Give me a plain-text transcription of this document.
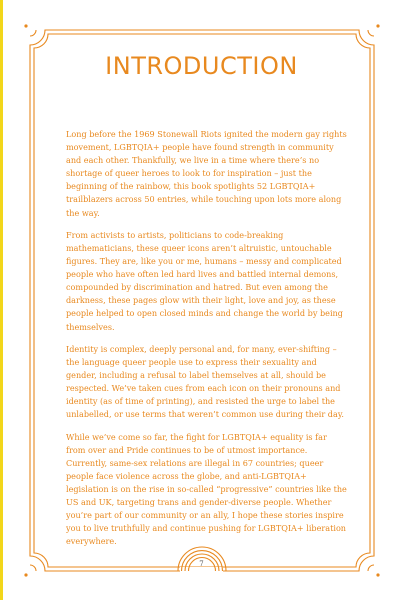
INTRODUCTION

Long before the 1969 Stonewall Riots ignited the modern gay rights movement, LGBTQIA+ people have found strength in community and each other. Thankfully, we live in a time where there’s no shortage of queer heroes to look to for inspiration – just the beginning of the rainbow, this book spotlights 52 LGBTQIA+ trailblazers across 50 entries, while touching upon lots more along the way.

From activists to artists, politicians to code-breaking mathematicians, these queer icons aren’t altruistic, untouchable figures. They are, like you or me, humans – messy and complicated people who have often led hard lives and battled internal demons, compounded by discrimination and hatred. But even among the darkness, these pages glow with their light, love and joy, as these people helped to open closed minds and change the world by being themselves.

Identity is complex, deeply personal and, for many, ever-shifting – the language queer people use to express their sexuality and gender, including a refusal to label themselves at all, should be respected. We’ve taken cues from each icon on their pronouns and identity (as of time of printing), and resisted the urge to label the unlabelled, or use terms that weren’t common use during their day.

While we’ve come so far, the fight for LGBTQIA+ equality is far from over and Pride continues to be of utmost importance. Currently, same-sex relations are illegal in 67 countries; queer people face violence across the globe, and anti-LGBTQIA+ legislation is on the rise in so-called “progressive” countries like the US and UK, targeting trans and gender-diverse people. Whether you’re part of our community or an ally, I hope these stories inspire you to live truthfully and continue pushing for LGBTQIA+ liberation everywhere.

7
